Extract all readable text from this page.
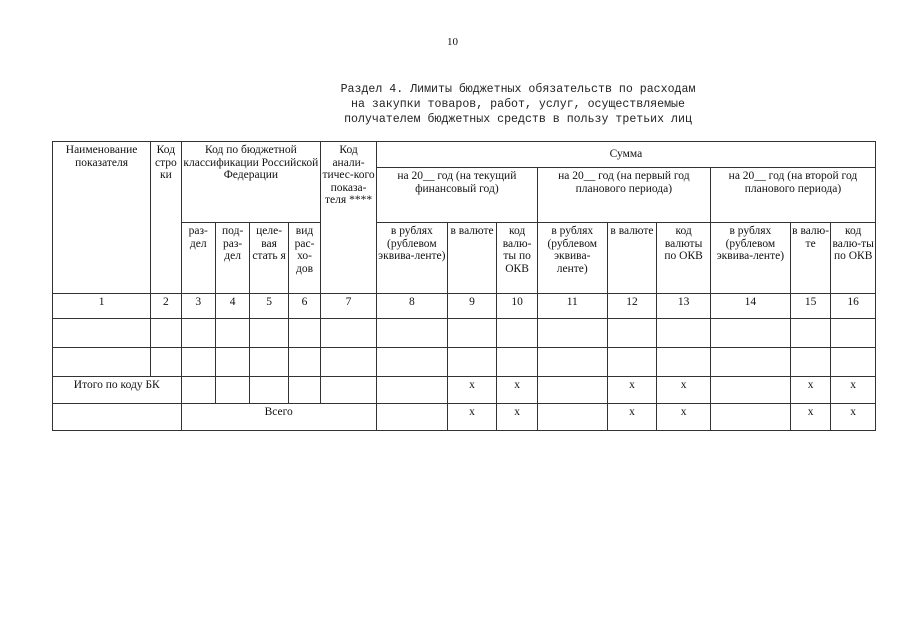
10
Раздел 4. Лимиты бюджетных обязательств по расходам
на закупки товаров, работ, услуг, осуществляемые
получателем бюджетных средств в пользу третьих лиц
Наименование показателя	Код стро ки	Код по бюджетной классификации Российской Федерации				Код анали-тичес-кого показа-теля ****	Сумма								
							на 20__ год (на текущий финансовый год)			на 20__ год (на первый год планового периода)			на 20__ год (на второй год планового периода)		
		раз-дел	под-раз-дел	целе-вая стать я	вид рас-хо-дов		в рублях (рублевом эквива-ленте)	в валюте	код валю-ты по ОКВ	в рублях (рублевом эквива-ленте)	в валюте	код валюты по ОКВ	в рублях (рублевом эквива-ленте)	в валю-те	код валю-ты по ОКВ
1	2	3	4	5	6	7	8	9	10	11	12	13	14	15	16

Итого по коду БК								x	x		x	x		x	x
		Всего						x	x		x	x		x	x
